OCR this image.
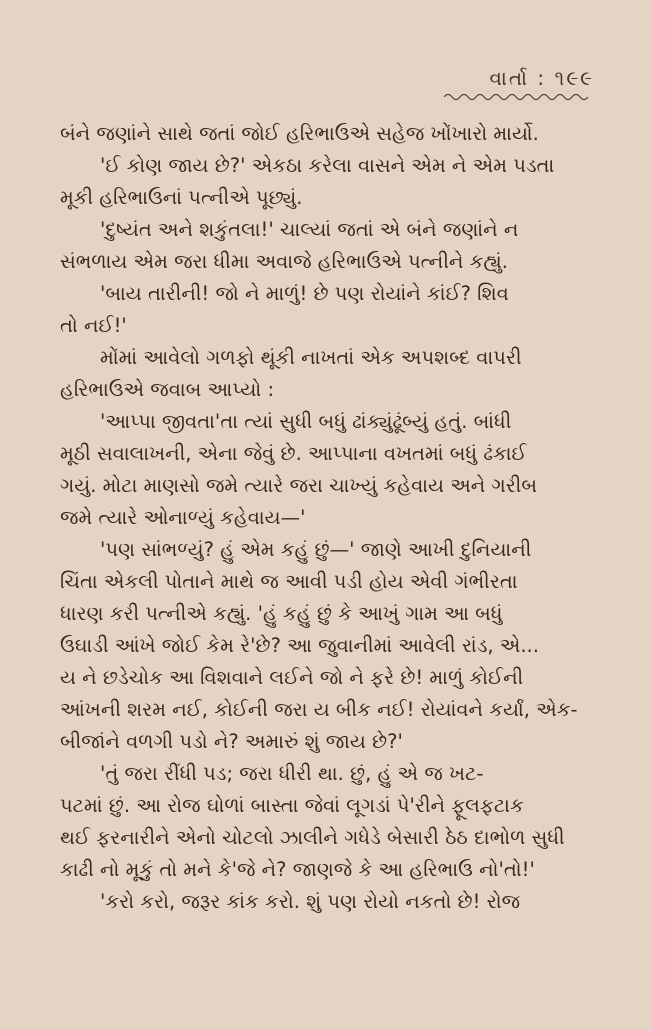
વાર્તા : ૧૯૯
બંને જણાંને સાથે જતાં જોઈ હરિભાઉએ સહેજ ખોંખારો માર્યો.
'ઈ કોણ જાય છે?' એકઠા કરેલા વાસને એમ ને એમ પડતા
મૂકી હરિભાઉનાં પત્નીએ પૂછ્યું.
'દુષ્યંત અને શકુંતલા!' ચાલ્યાં જતાં એ બંને જણાંને ન
સંભળાય એમ જરા ધીમા અવાજે હરિભાઉએ પત્નીને કહ્યું.
'બાય તારીની! જો ને માળું! છે પણ રોયાંને કાંઈ? શિવ
તો નઈ!'
મોંમાં આવેલો ગળફો થૂંકી નાખતાં એક અપશબ્દ વાપરી
હરિભાઉએ જવાબ આપ્યો :
'આપ્પા જીવતા'તા ત્યાં સુધી બધું ઢાંક્યુંઢૂંબ્યું હતું. બાંધી
મૂઠી સવાલાખની, એના જેવું છે. આપ્પાના વખતમાં બધું ઢંકાઈ
ગયું. મોટા માણસો જમે ત્યારે જરા ચાખ્યું કહેવાય અને ગરીબ
જમે ત્યારે ઓનાળ્યું કહેવાય—'
'પણ સાંભળ્યું? હું એમ કહું છું—' જાણે આખી દુનિયાની
ચિંતા એકલી પોતાને માથે જ આવી પડી હોય એવી ગંભીરતા
ધારણ કરી પત્નીએ કહ્યું. 'હું કહું છું કે આખું ગામ આ બધું
ઉઘાડી આંખે જોઈ કેમ રે'છે? આ જુવાનીમાં આવેલી રાંડ, એ...
ય ને છડેચોક આ વિશવાને લઈને જો ને ફરે છે! માળું કોઈની
આંખની શરમ નઈ, કોઈની જરા ય બીક નઈ! રોયાંવને કર્યાં, એક-
બીજાંને વળગી પડો ને? અમારું શું જાય છે?'
'તું જરા રીંધી પડ; જરા ધીરી થા. છું, હું એ જ ખટ-
પટમાં છું. આ રોજ ઘોળાં બાસ્તા જેવાં લૂગડાં પે'રીને ફૂલફટાક
થઈ ફરનારીને એનો ચોટલો ઝાલીને ગધેડે બેસારી ઠેઠ દાભોળ સુધી
કાઢી નો મૂકું તો મને કે'જે ને? જાણજે કે આ હરિભાઉ નો'તો!'
'કરો કરો, જરૂર કાંક કરો. શું પણ રોયો નકતો છે! રોજ
